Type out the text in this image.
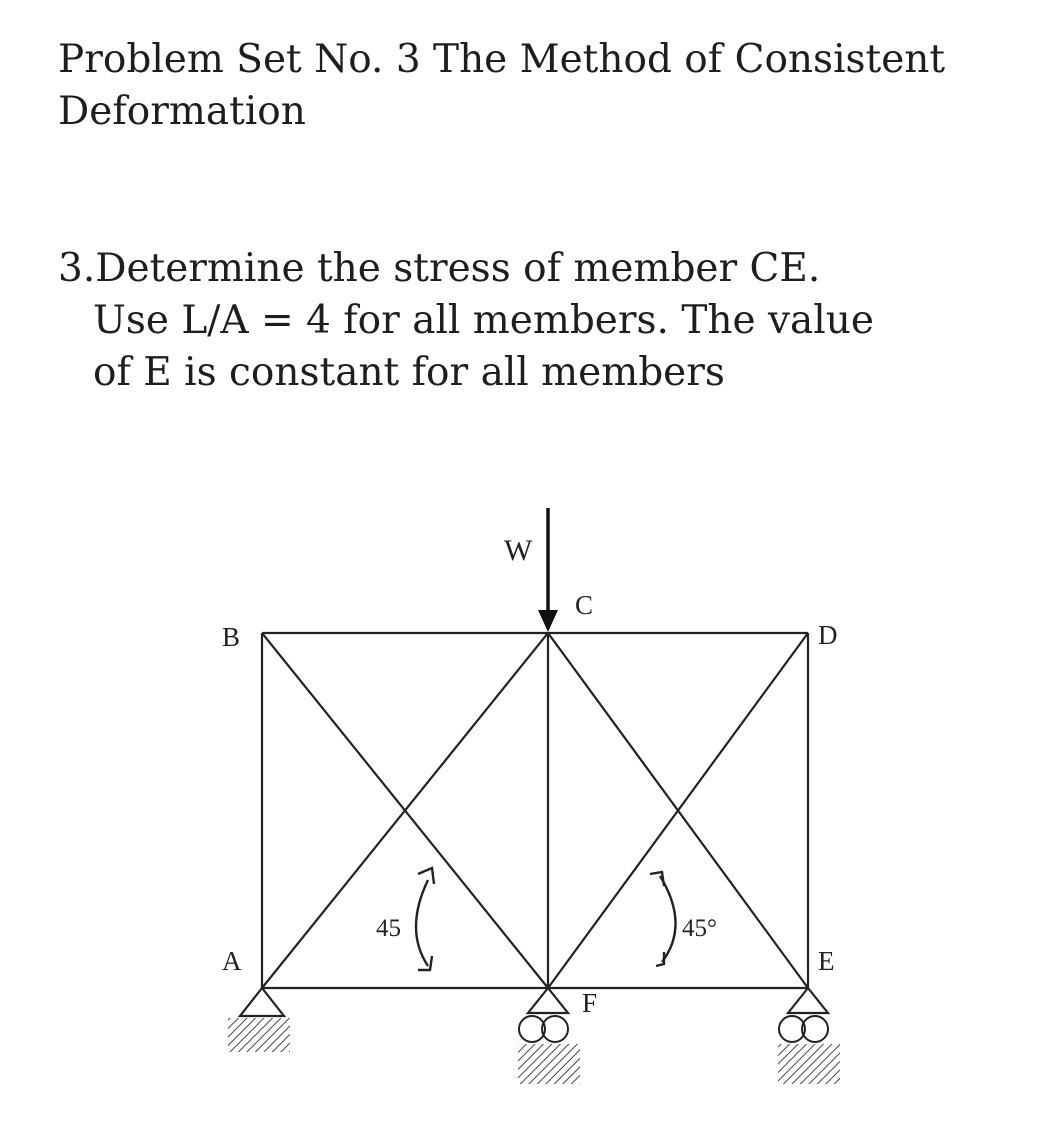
Problem Set No. 3 The Method of Consistent Deformation
3.Determine the stress of member CE.
Use L/A = 4 for all members. The value
of E is constant for all members
W
C
B	D
A	E
F
45	45°
